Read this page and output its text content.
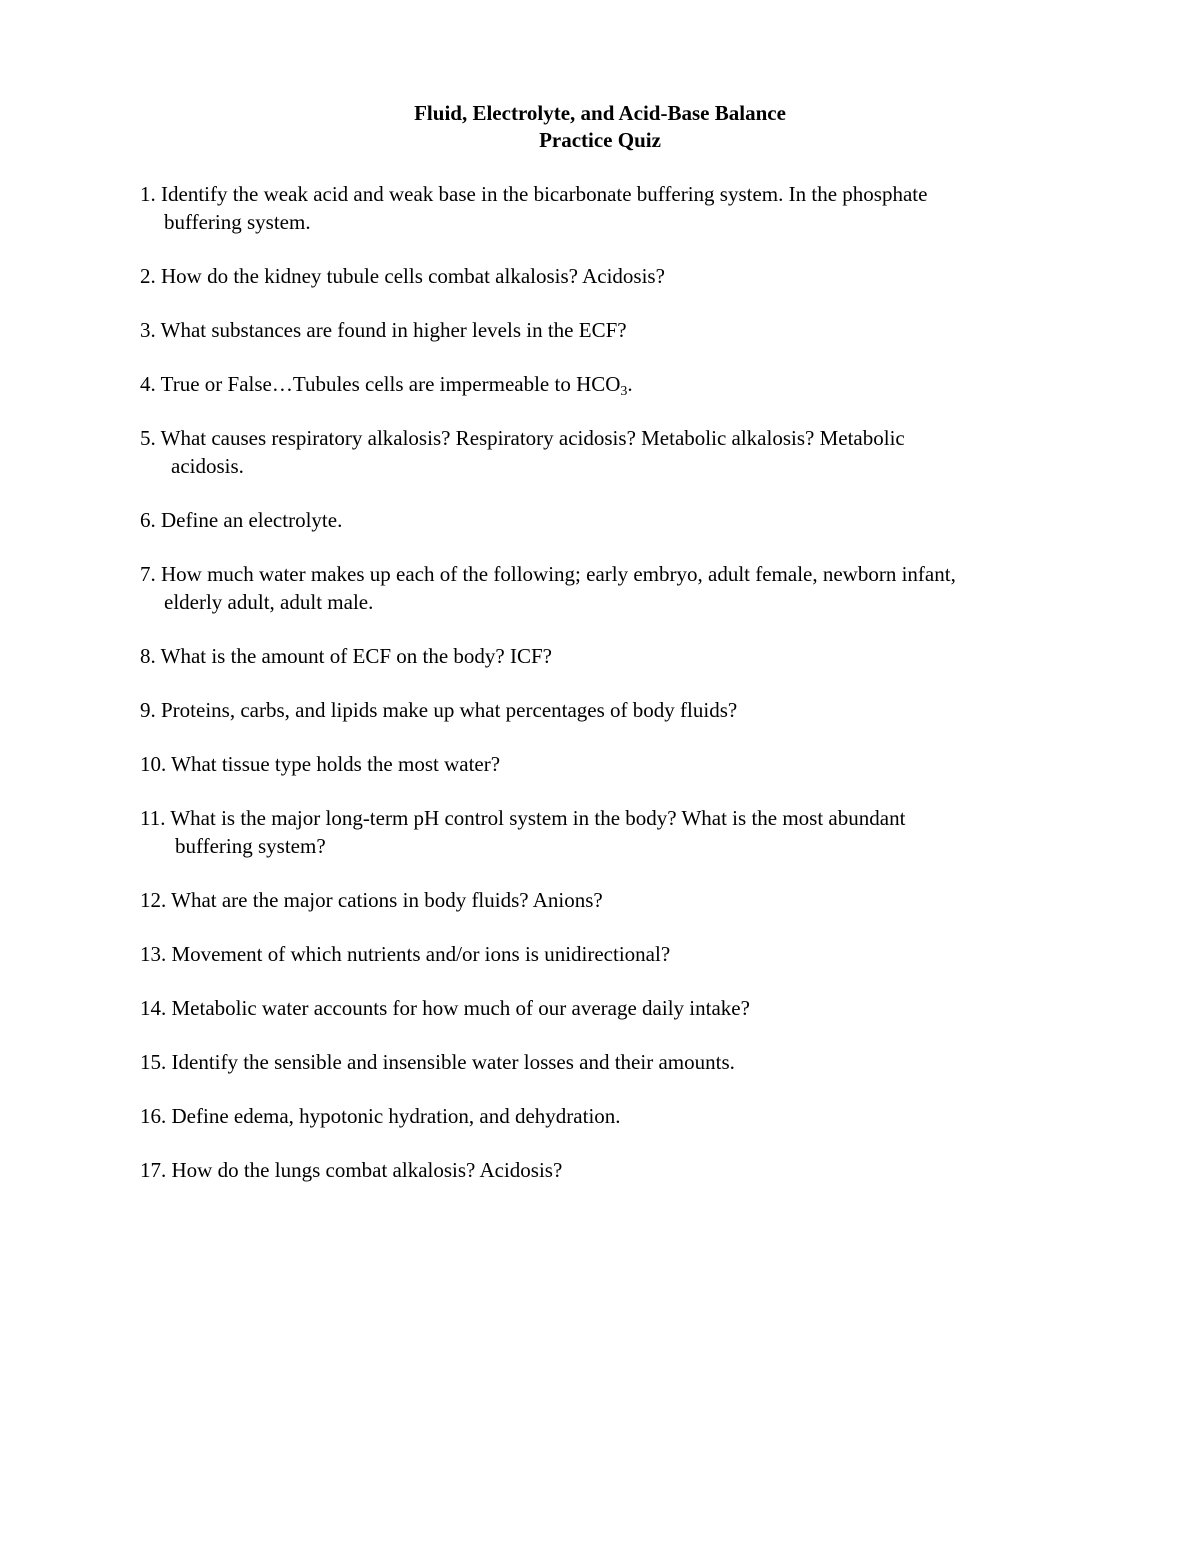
Fluid, Electrolyte, and Acid-Base Balance
Practice Quiz
1. Identify the weak acid and weak base in the bicarbonate buffering system. In the phosphate
buffering system.
2. How do the kidney tubule cells combat alkalosis? Acidosis?
3. What substances are found in higher levels in the ECF?
4. True or False…Tubules cells are impermeable to $HCO_3$.
5. What causes respiratory alkalosis? Respiratory acidosis? Metabolic alkalosis? Metabolic
acidosis.
6. Define an electrolyte.
7. How much water makes up each of the following; early embryo, adult female, newborn infant,
elderly adult, adult male.
8. What is the amount of ECF on the body? ICF?
9. Proteins, carbs, and lipids make up what percentages of body fluids?
10. What tissue type holds the most water?
11. What is the major long-term pH control system in the body? What is the most abundant
buffering system?
12. What are the major cations in body fluids? Anions?
13. Movement of which nutrients and/or ions is unidirectional?
14. Metabolic water accounts for how much of our average daily intake?
15. Identify the sensible and insensible water losses and their amounts.
16. Define edema, hypotonic hydration, and dehydration.
17. How do the lungs combat alkalosis? Acidosis?
